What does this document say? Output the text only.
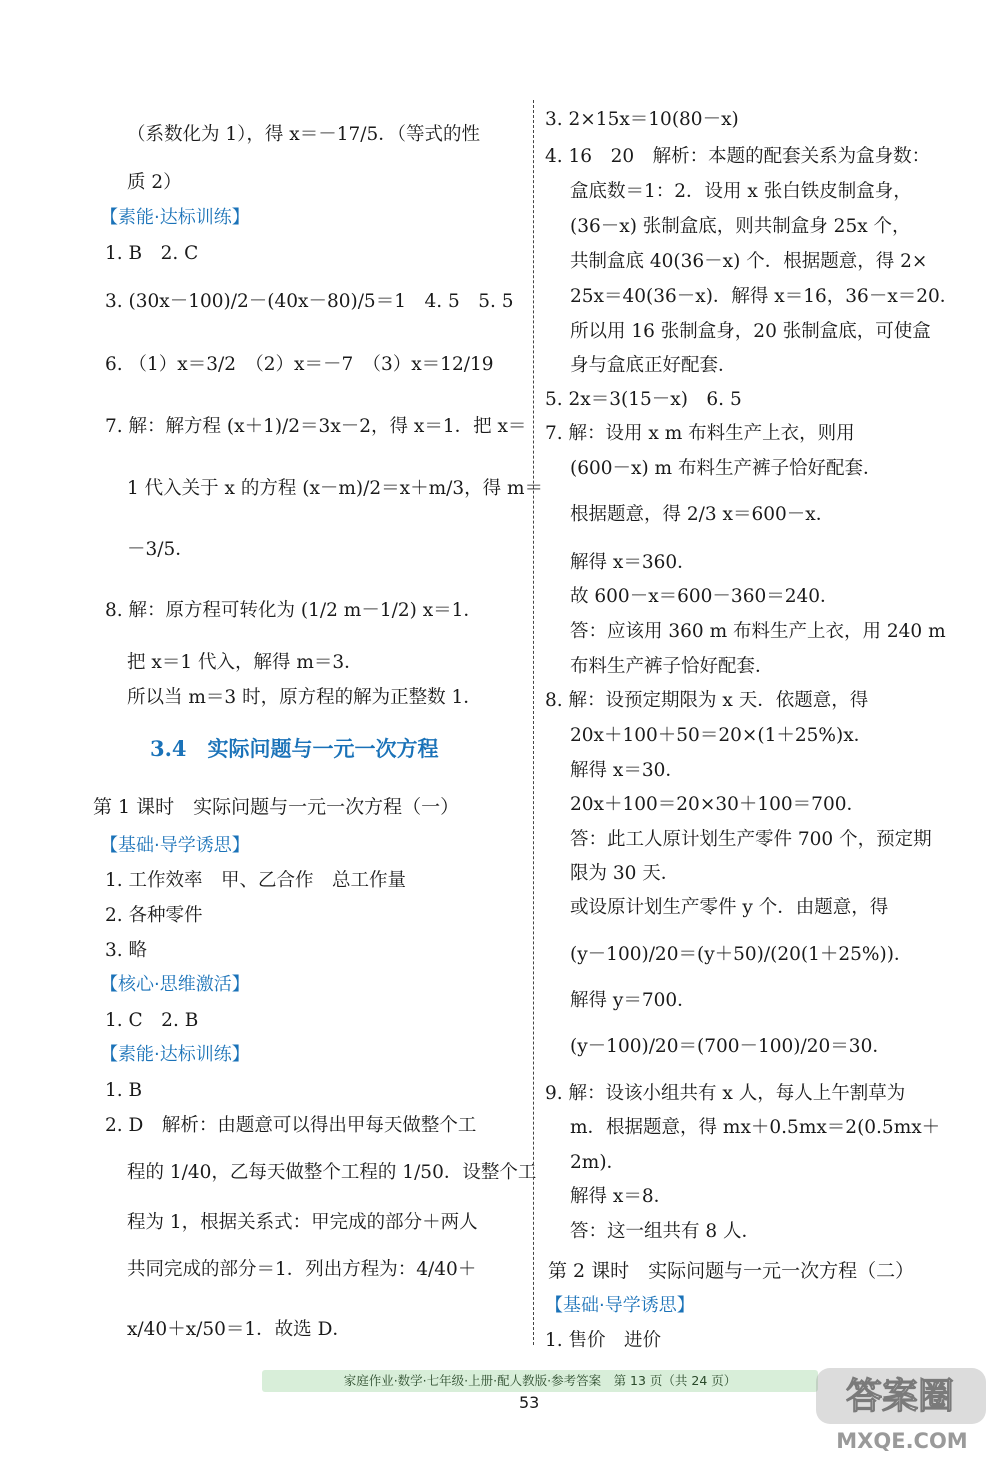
（系数化为 1），得 x＝－17/5．（等式的性
质 2）
【素能·达标训练】
1. B　2. C
3. (30x－100)/2－(40x－80)/5＝1　4. 5　5. 5
6. （1）x＝3/2　（2）x＝－7　（3）x＝12/19
7. 解：解方程 (x＋1)/2＝3x－2，得 x＝1．把 x＝
1 代入关于 x 的方程 (x－m)/2＝x＋m/3，得 m＝
－3/5．
8. 解：原方程可转化为 (1/2 m－1/2) x＝1．
把 x＝1 代入，解得 m＝3．
所以当 m＝3 时，原方程的解为正整数 1．
3.4　实际问题与一元一次方程
第 1 课时　实际问题与一元一次方程（一）
【基础·导学诱思】
1. 工作效率　甲、乙合作　总工作量
2. 各种零件
3. 略
【核心·思维激活】
1. C　2. B
【素能·达标训练】
1. B
2. D　解析：由题意可以得出甲每天做整个工
程的 1/40，乙每天做整个工程的 1/50．设整个工
程为 1，根据关系式：甲完成的部分＋两人
共同完成的部分＝1．列出方程为：4/40＋
x/40＋x/50＝1．故选 D．
3. 2×15x＝10(80－x)
4. 16　20　解析：本题的配套关系为盒身数：
盒底数＝1：2．设用 x 张白铁皮制盒身，
(36－x) 张制盒底，则共制盒身 25x 个，
共制盒底 40(36－x) 个．根据题意，得 2×
25x＝40(36－x)．解得 x＝16，36－x＝20．
所以用 16 张制盒身，20 张制盒底，可使盒
身与盒底正好配套．
5. 2x＝3(15－x)　6. 5
7. 解：设用 x m 布料生产上衣，则用
(600－x) m 布料生产裤子恰好配套．
根据题意，得 2/3 x＝600－x．
解得 x＝360．
故 600－x＝600－360＝240．
答：应该用 360 m 布料生产上衣，用 240 m
布料生产裤子恰好配套．
8. 解：设预定期限为 x 天．依题意，得
20x＋100＋50＝20×(1＋25%)x．
解得 x＝30．
20x＋100＝20×30＋100＝700．
答：此工人原计划生产零件 700 个，预定期
限为 30 天．
或设原计划生产零件 y 个．由题意，得
(y－100)/20＝(y＋50)/(20(1＋25%))．
解得 y＝700．
(y－100)/20＝(700－100)/20＝30．
9. 解：设该小组共有 x 人，每人上午割草为
m．根据题意，得 mx＋0.5mx＝2(0.5mx＋
2m)．
解得 x＝8．
答：这一组共有 8 人．
第 2 课时　实际问题与一元一次方程（二）
【基础·导学诱思】
1. 售价　进价
家庭作业·数学·七年级·上册·配人教版·参考答案　第 13 页（共 24 页）
53	答案圈
MXQE.COM
